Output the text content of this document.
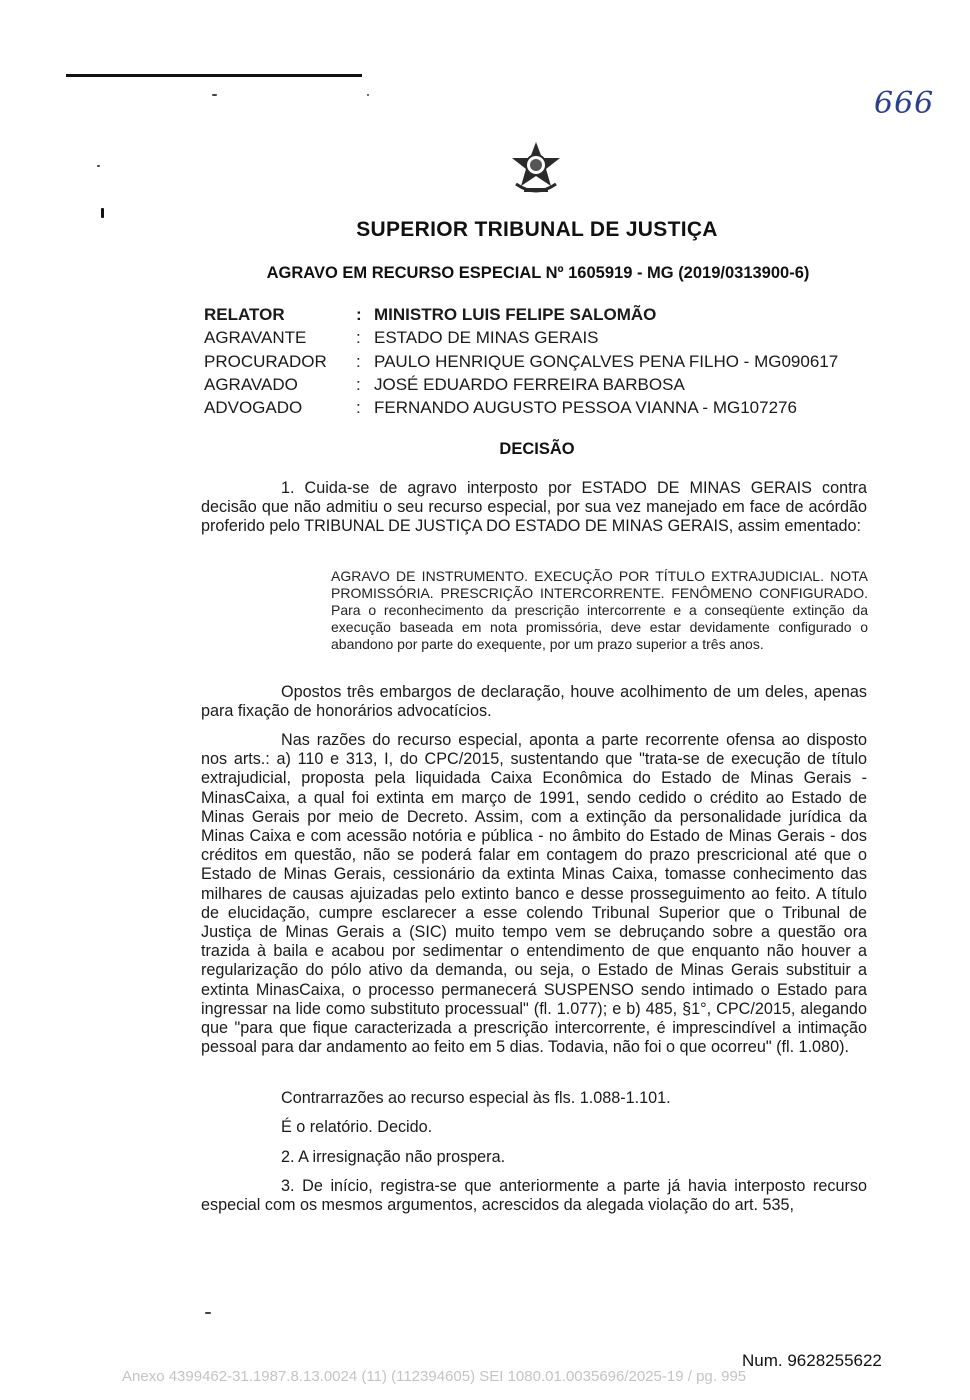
666
SUPERIOR TRIBUNAL DE JUSTIÇA
AGRAVO EM RECURSO ESPECIAL Nº 1605919 - MG (2019/0313900-6)
RELATOR	: MINISTRO LUIS FELIPE SALOMÃO
AGRAVANTE	: ESTADO DE MINAS GERAIS
PROCURADOR	: PAULO HENRIQUE GONÇALVES PENA FILHO - MG090617
AGRAVADO	: JOSÉ EDUARDO FERREIRA BARBOSA
ADVOGADO	: FERNANDO AUGUSTO PESSOA VIANNA - MG107276
DECISÃO
1. Cuida-se de agravo interposto por ESTADO DE MINAS GERAIS contra decisão que não admitiu o seu recurso especial, por sua vez manejado em face de acórdão proferido pelo TRIBUNAL DE JUSTIÇA DO ESTADO DE MINAS GERAIS, assim ementado:
AGRAVO DE INSTRUMENTO. EXECUÇÃO POR TÍTULO EXTRAJUDICIAL. NOTA PROMISSÓRIA. PRESCRIÇÃO INTERCORRENTE. FENÔMENO CONFIGURADO. Para o reconhecimento da prescrição intercorrente e a conseqüente extinção da execução baseada em nota promissória, deve estar devidamente configurado o abandono por parte do exequente, por um prazo superior a três anos.
Opostos três embargos de declaração, houve acolhimento de um deles, apenas para fixação de honorários advocatícios.
Nas razões do recurso especial, aponta a parte recorrente ofensa ao disposto nos arts.: a) 110 e 313, I, do CPC/2015, sustentando que "trata-se de execução de título extrajudicial, proposta pela liquidada Caixa Econômica do Estado de Minas Gerais - MinasCaixa, a qual foi extinta em março de 1991, sendo cedido o crédito ao Estado de Minas Gerais por meio de Decreto. Assim, com a extinção da personalidade jurídica da Minas Caixa e com acessão notória e pública - no âmbito do Estado de Minas Gerais - dos créditos em questão, não se poderá falar em contagem do prazo prescricional até que o Estado de Minas Gerais, cessionário da extinta Minas Caixa, tomasse conhecimento das milhares de causas ajuizadas pelo extinto banco e desse prosseguimento ao feito. A título de elucidação, cumpre esclarecer a esse colendo Tribunal Superior que o Tribunal de Justiça de Minas Gerais a (SIC) muito tempo vem se debruçando sobre a questão ora trazida à baila e acabou por sedimentar o entendimento de que enquanto não houver a regularização do pólo ativo da demanda, ou seja, o Estado de Minas Gerais substituir a extinta MinasCaixa, o processo permanecerá SUSPENSO sendo intimado o Estado para ingressar na lide como substituto processual" (fl. 1.077); e b) 485, §1°, CPC/2015, alegando que "para que fique caracterizada a prescrição intercorrente, é imprescindível a intimação pessoal para dar andamento ao feito em 5 dias. Todavia, não foi o que ocorreu" (fl. 1.080).
Contrarrazões ao recurso especial às fls. 1.088-1.101.
É o relatório. Decido.
2. A irresignação não prospera.
3. De início, registra-se que anteriormente a parte já havia interposto recurso especial com os mesmos argumentos, acrescidos da alegada violação do art. 535,
Num. 9628255622
Anexo 4399462-31.1987.8.13.0024 (11) (112394605) SEI 1080.01.0035696/2025-19 / pg. 995
